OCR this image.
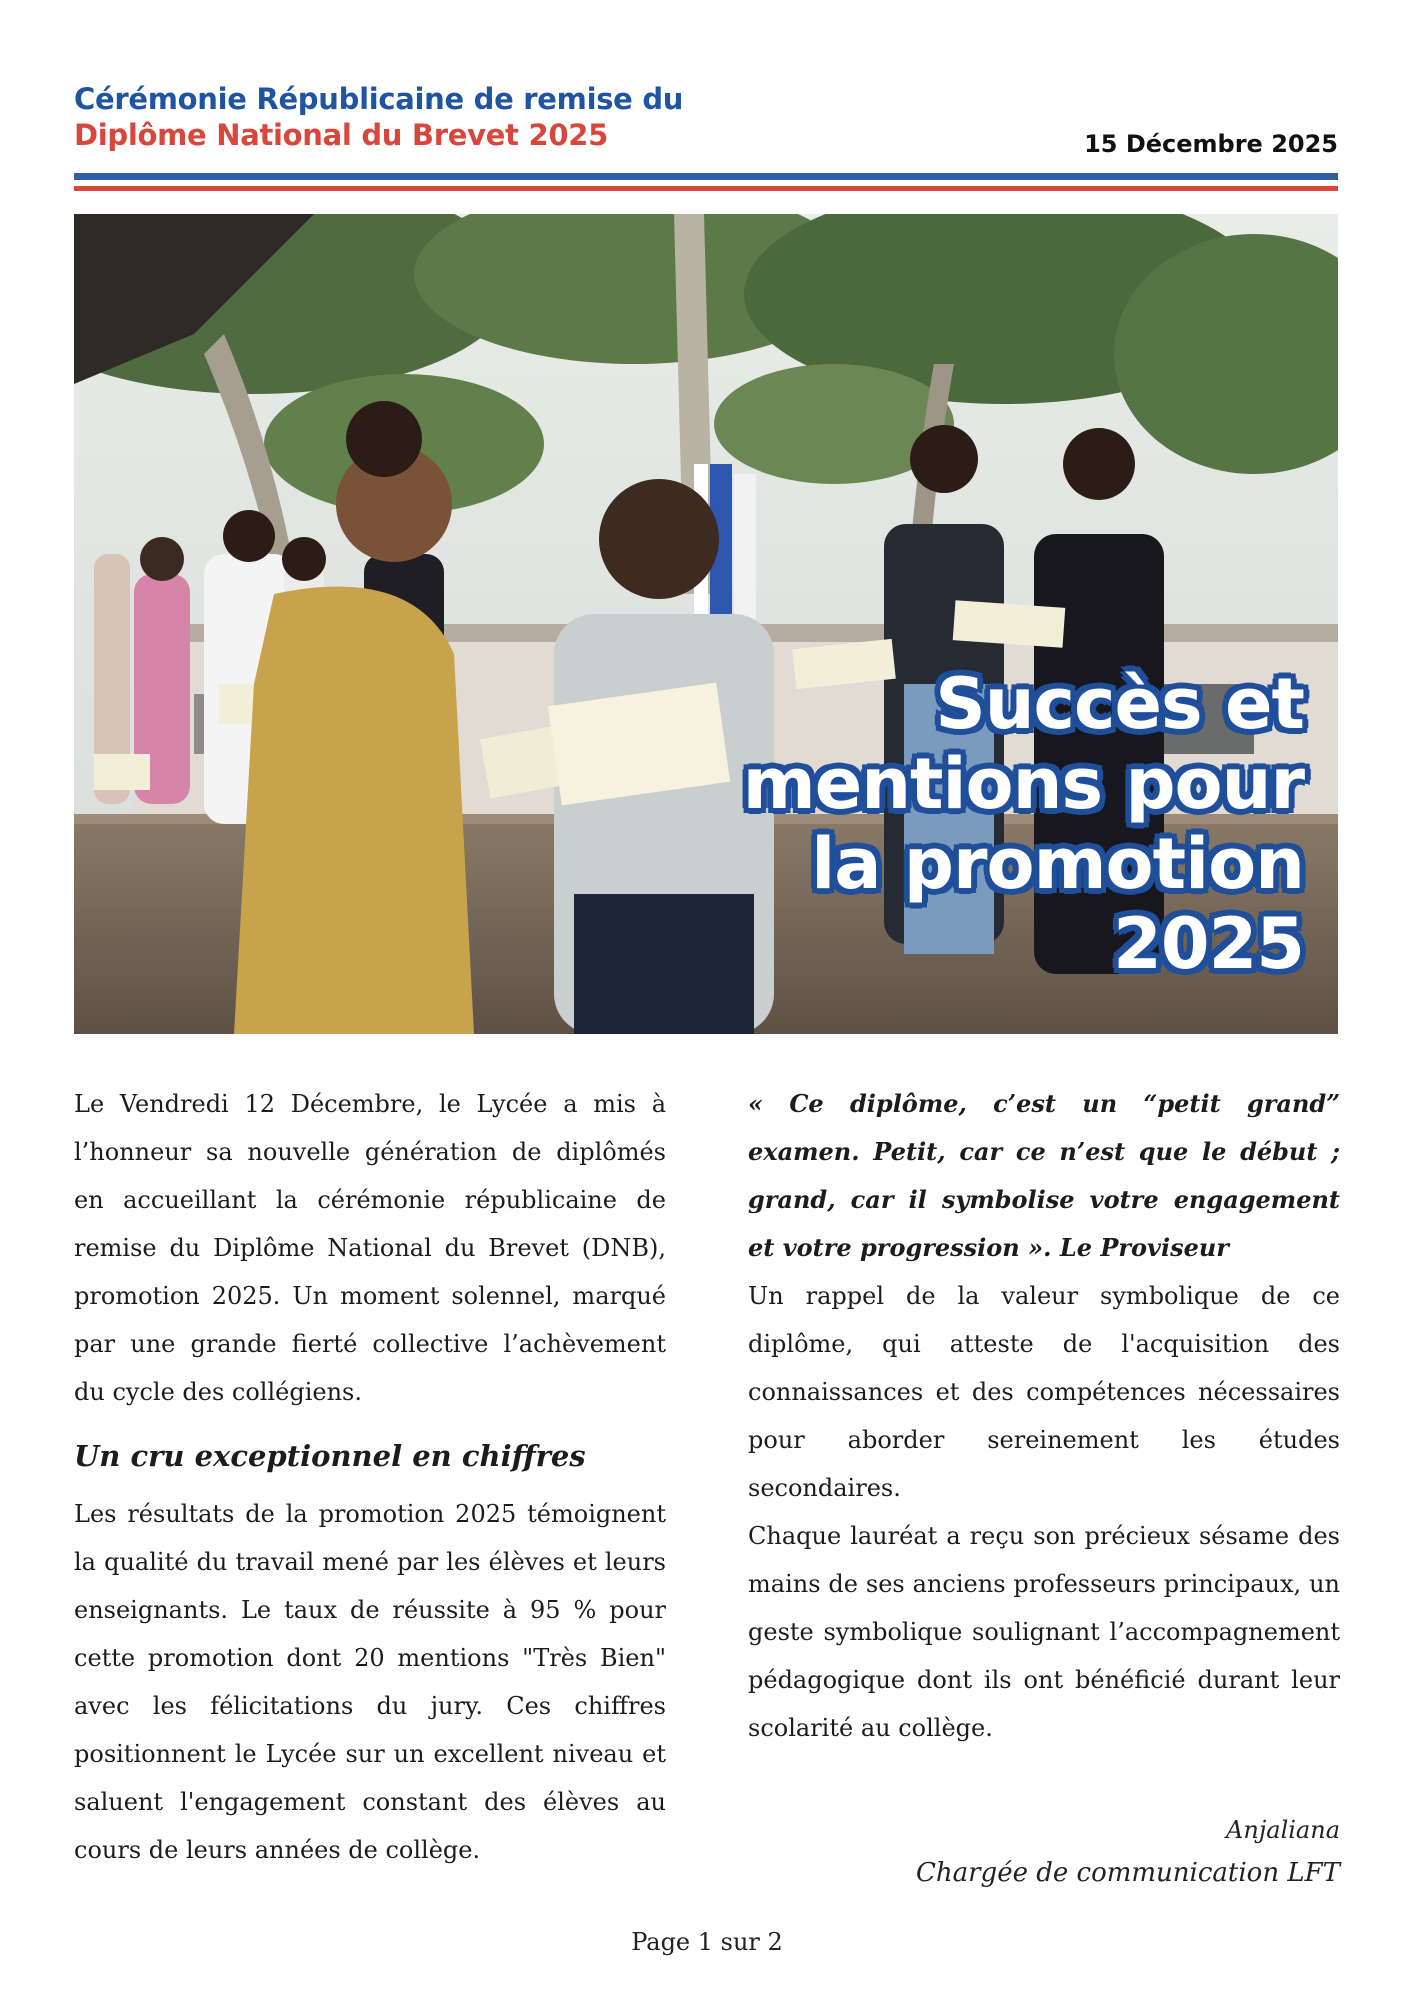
Cérémonie Républicaine de remise du
Diplôme National du Brevet 2025	15 Décembre 2025
Succès et
mentions pour
la promotion
2025

Le Vendredi 12 Décembre, le Lycée a mis à l’honneur sa nouvelle génération de diplômés en accueillant la cérémonie républicaine de remise du Diplôme National du Brevet (DNB), promotion 2025. Un moment solennel, marqué par une grande fierté collective l’achèvement du cycle des collégiens.

Un cru exceptionnel en chiffres

Les résultats de la promotion 2025 témoignent la qualité du travail mené par les élèves et leurs enseignants. Le taux de réussite à 95 % pour cette promotion dont 20 mentions "Très Bien" avec les félicitations du jury. Ces chiffres positionnent le Lycée sur un excellent niveau et saluent l'engagement constant des élèves au cours de leurs années de collège.

« Ce diplôme, c’est un “petit grand” examen. Petit, car ce n’est que le début ; grand, car il symbolise votre engagement et votre progression ». Le Proviseur

Un rappel de la valeur symbolique de ce diplôme, qui atteste de l'acquisition des connaissances et des compétences nécessaires pour aborder sereinement les études secondaires.

Chaque lauréat a reçu son précieux sésame des mains de ses anciens professeurs principaux, un geste symbolique soulignant l’accompagnement pédagogique dont ils ont bénéficié durant leur scolarité au collège.

Anjaliana
Chargée de communication LFT
Page 1 sur 2
